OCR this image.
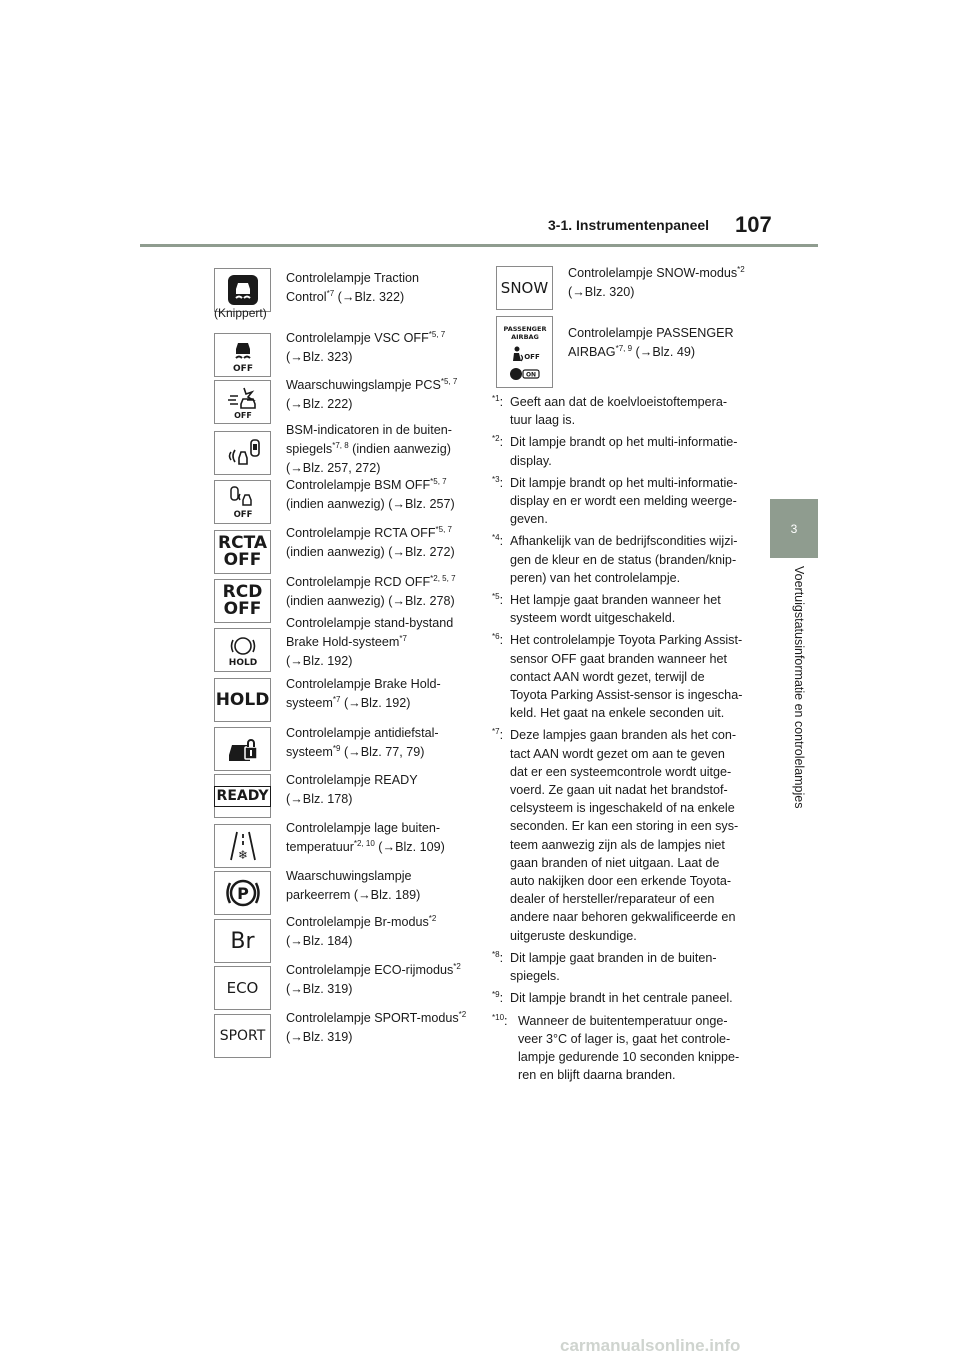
3-1. Instrumentenpaneel 107
3
Voertuigstatusinformatie en controlelampjes
(Knippert)
Controlelampje Traction
Control$^{*7}$ (→Blz. 322)
OFF
Controlelampje VSC OFF$^{*5, 7}$
(→Blz. 323)
OFF
Waarschuwingslampje PCS$^{*5, 7}$
(→Blz. 222)
BSM-indicatoren in de buiten-
spiegels$^{*7, 8}$ (indien aanwezig)
(→Blz. 257, 272)
OFF
Controlelampje BSM OFF$^{*5, 7}$
(indien aanwezig) (→Blz. 257)
RCTA
OFF
Controlelampje RCTA OFF$^{*5, 7}$
(indien aanwezig) (→Blz. 272)
RCD
OFF
Controlelampje RCD OFF$^{*2, 5, 7}$
(indien aanwezig) (→Blz. 278)
HOLD
Controlelampje stand-bystand
Brake Hold-systeem$^{*7}$
(→Blz. 192)
HOLD
Controlelampje Brake Hold-
systeem$^{*7}$ (→Blz. 192)
Controlelampje antidiefstal-
systeem$^{*9}$ (→Blz. 77, 79)
READY
Controlelampje READY
(→Blz. 178)
❄
Controlelampje lage buiten-
temperatuur$^{*2, 10}$ (→Blz. 109)
P
Waarschuwingslampje
parkeerrem (→Blz. 189)
Br
Controlelampje Br-modus$^{*2}$
(→Blz. 184)
ECO
Controlelampje ECO-rijmodus$^{*2}$
(→Blz. 319)
SPORT
Controlelampje SPORT-modus$^{*2}$
(→Blz. 319)
SNOW
Controlelampje SNOW-modus$^{*2}$
(→Blz. 320)
PASSENGER
AIRBAG
OFF
ON
Controlelampje PASSENGER
AIRBAG$^{*7, 9}$ (→Blz. 49)
$^{*1}$: Geeft aan dat de koelvloeistoftempera-
tuur laag is.
$^{*2}$: Dit lampje brandt op het multi-informatie-
display.
$^{*3}$: Dit lampje brandt op het multi-informatie-
display en er wordt een melding weerge-
geven.
$^{*4}$: Afhankelijk van de bedrijfscondities wijzi-
gen de kleur en de status (branden/knip-
peren) van het controlelampje.
$^{*5}$: Het lampje gaat branden wanneer het
systeem wordt uitgeschakeld.
$^{*6}$: Het controlelampje Toyota Parking Assist-
sensor OFF gaat branden wanneer het
contact AAN wordt gezet, terwijl de
Toyota Parking Assist-sensor is ingescha-
keld. Het gaat na enkele seconden uit.
$^{*7}$: Deze lampjes gaan branden als het con-
tact AAN wordt gezet om aan te geven
dat er een systeemcontrole wordt uitge-
voerd. Ze gaan uit nadat het brandstof-
celsysteem is ingeschakeld of na enkele
seconden. Er kan een storing in een sys-
teem aanwezig zijn als de lampjes niet
gaan branden of niet uitgaan. Laat de
auto nakijken door een erkende Toyota-
dealer of hersteller/reparateur of een
andere naar behoren gekwalificeerde en
uitgeruste deskundige.
$^{*8}$: Dit lampje gaat branden in de buiten-
spiegels.
$^{*9}$: Dit lampje brandt in het centrale paneel.
$^{*10}$: Wanneer de buitentemperatuur onge-
veer 3°C of lager is, gaat het controle-
lampje gedurende 10 seconden knippe-
ren en blijft daarna branden.
carmanualsonline.info
